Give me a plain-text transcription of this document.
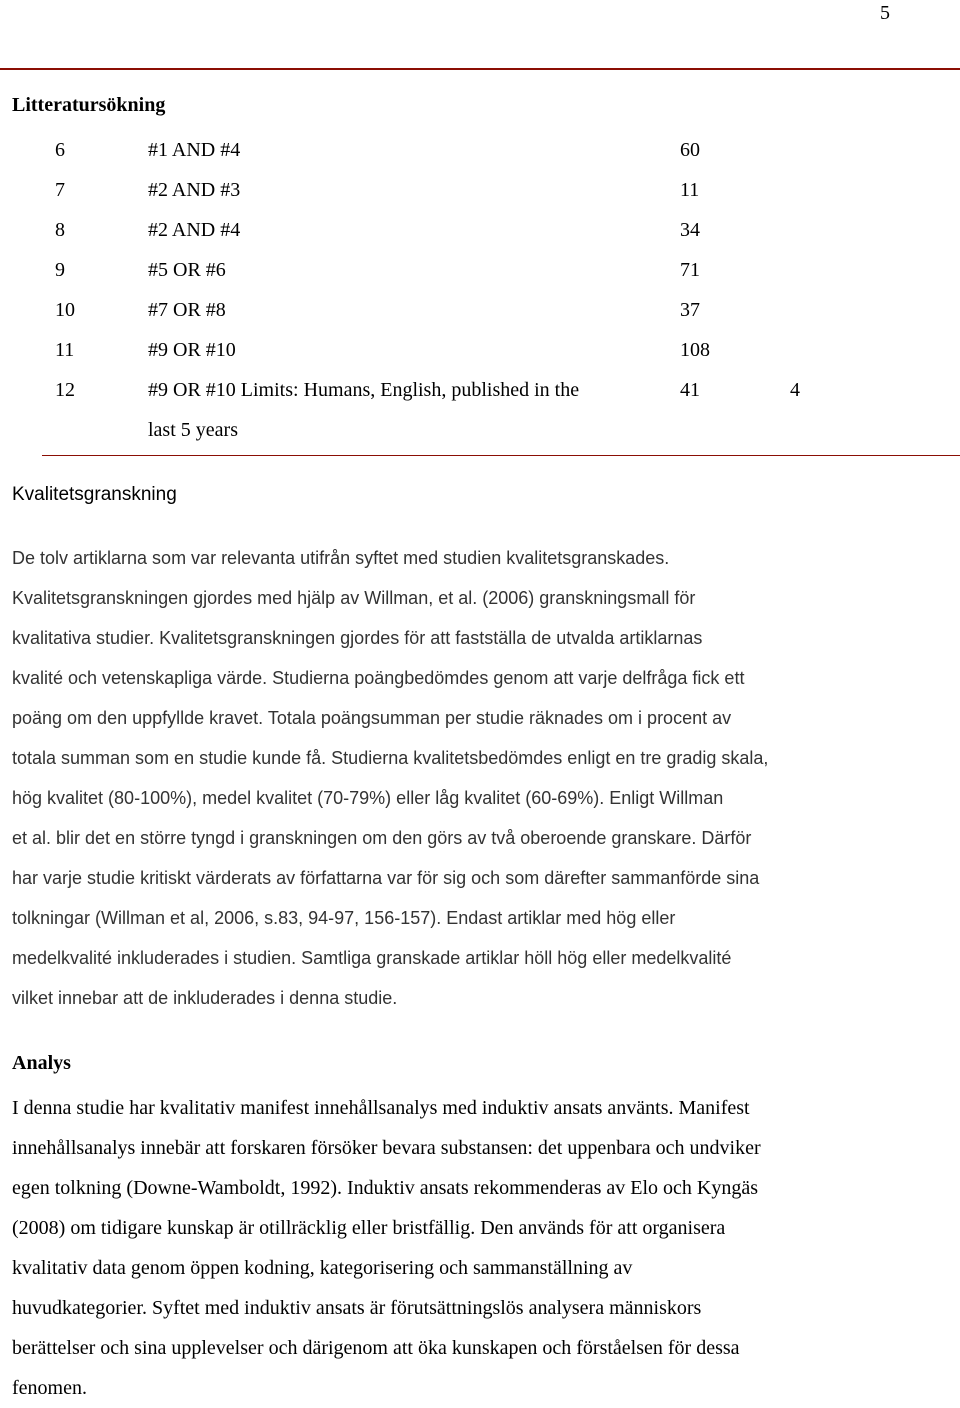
5
Litteratursökning
6	#1 AND #4	60
7	#2 AND #3	11
8	#2 AND #4	34
9	#5 OR #6	71
10	#7 OR #8	37
11	#9 OR #10	108
12	#9 OR #10 Limits: Humans, English, published in the	41	4
last 5 years
Kvalitetsgranskning
De tolv artiklarna som var relevanta utifrån syftet med studien kvalitetsgranskades.
Kvalitetsgranskningen gjordes med hjälp av Willman, et al. (2006) granskningsmall för
kvalitativa studier. Kvalitetsgranskningen gjordes för att fastställa de utvalda artiklarnas
kvalité och vetenskapliga värde. Studierna poängbedömdes genom att varje delfråga fick ett
poäng om den uppfyllde kravet. Totala poängsumman per studie räknades om i procent av
totala summan som en studie kunde få. Studierna kvalitetsbedömdes enligt en tre gradig skala,
hög kvalitet (80-100%), medel kvalitet (70-79%) eller låg kvalitet (60-69%). Enligt Willman
et al. blir det en större tyngd i granskningen om den görs av två oberoende granskare. Därför
har varje studie kritiskt värderats av författarna var för sig och som därefter sammanförde sina
tolkningar (Willman et al, 2006, s.83, 94-97, 156-157). Endast artiklar med hög eller
medelkvalité inkluderades i studien. Samtliga granskade artiklar höll hög eller medelkvalité
vilket innebar att de inkluderades i denna studie.
Analys
I denna studie har kvalitativ manifest innehållsanalys med induktiv ansats använts. Manifest
innehållsanalys innebär att forskaren försöker bevara substansen: det uppenbara och undviker
egen tolkning (Downe-Wamboldt, 1992). Induktiv ansats rekommenderas av Elo och Kyngäs
(2008) om tidigare kunskap är otillräcklig eller bristfällig. Den används för att organisera
kvalitativ data genom öppen kodning, kategorisering och sammanställning av
huvudkategorier. Syftet med induktiv ansats är förutsättningslös analysera människors
berättelser och sina upplevelser och därigenom att öka kunskapen och förståelsen för dessa
fenomen.
